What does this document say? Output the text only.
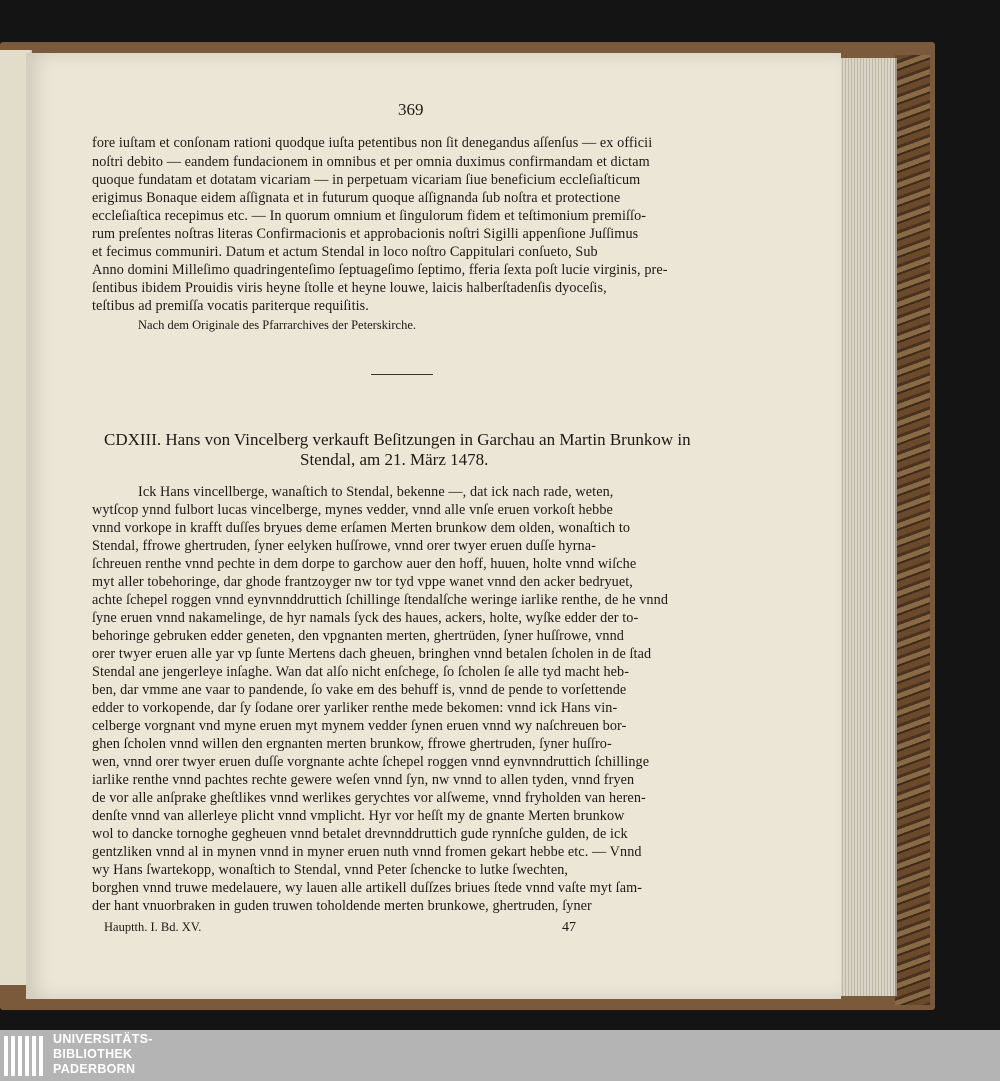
369
fore iuſtam et conſonam rationi quodque iuſta petentibus non ſit denegandus aſſenſus — ex officii
noſtri debito — eandem fundacionem in omnibus et per omnia duximus confirmandam et dictam
quoque fundatam et dotatam vicariam — in perpetuam vicariam ſiue beneficium eccleſiaſticum
erigimus Bonaque eidem aſſignata et in futurum quoque aſſignanda ſub noſtra et protectione
eccleſiaſtica recepimus etc. — In quorum omnium et ſingulorum fidem et teſtimonium premiſſo-
rum preſentes noſtras literas Confirmacionis et approbacionis noſtri Sigilli appenſione Juſſimus
et fecimus communiri. Datum et actum Stendal in loco noſtro Cappitulari conſueto, Sub
Anno domini Milleſimo quadringenteſimo ſeptuageſimo ſeptimo, fferia ſexta poſt lucie virginis, pre-
ſentibus ibidem Prouidis viris heyne ſtolle et heyne louwe, laicis halberſtadenſis dyoceſis,
teſtibus ad premiſſa vocatis pariterque requiſitis.
Nach dem Originale des Pfarrarchives der Peterskirche.
CDXIII. Hans von Vincelberg verkauft Beſitzungen in Garchau an Martin Brunkow in
Stendal, am 21. März 1478.
Ick Hans vincellberge, wanaſtich to Stendal, bekenne —, dat ick nach rade, weten,
wytſcop ynnd fulbort lucas vincelberge, mynes vedder, vnnd alle vnſe eruen vorkoſt hebbe
vnnd vorkope in krafft duſſes bryues deme erſamen Merten brunkow dem olden, wonaſtich to
Stendal, ffrowe ghertruden, ſyner eelyken huſſrowe, vnnd orer twyer eruen duſſe hyrna-
ſchreuen renthe vnnd pechte in dem dorpe to garchow auer den hoff, huuen, holte vnnd wiſche
myt aller tobehoringe, dar ghode frantzoyger nw tor tyd vppe wanet vnnd den acker bedryuet,
achte ſchepel roggen vnnd eynvnnddruttich ſchillinge ſtendalſche weringe iarlike renthe, de he vnnd
ſyne eruen vnnd nakamelinge, de hyr namals ſyck des haues, ackers, holte, wyſke edder der to-
behoringe gebruken edder geneten, den vpgnanten merten, ghertrüden, ſyner huſſrowe, vnnd
orer twyer eruen alle yar vp ſunte Mertens dach gheuen, bringhen vnnd betalen ſcholen in de ſtad
Stendal ane jengerleye inſaghe. Wan dat alſo nicht enſchege, ſo ſcholen ſe alle tyd macht heb-
ben, dar vmme ane vaar to pandende, ſo vake em des behuff is, vnnd de pende to vorſettende
edder to vorkopende, dar ſy ſodane orer yarliker renthe mede bekomen: vnnd ick Hans vin-
celberge vorgnant vnd myne eruen myt mynem vedder ſynen eruen vnnd wy naſchreuen bor-
ghen ſcholen vnnd willen den ergnanten merten brunkow, ffrowe ghertruden, ſyner huſſro-
wen, vnnd orer twyer eruen duſſe vorgnante achte ſchepel roggen vnnd eynvnndruttich ſchillinge
iarlike renthe vnnd pachtes rechte gewere weſen vnnd ſyn, nw vnnd to allen tyden, vnnd fryen
de vor alle anſprake gheſtlikes vnnd werlikes gerychtes vor alſweme, vnnd fryholden van heren-
denſte vnnd van allerleye plicht vnnd vmplicht. Hyr vor heſſt my de gnante Merten brunkow
wol to dancke tornoghe gegheuen vnnd betalet drevnnddruttich gude rynnſche gulden, de ick
gentzliken vnnd al in mynen vnnd in myner eruen nuth vnnd fromen gekart hebbe etc. — Vnnd
wy Hans ſwartekopp, wonaſtich to Stendal, vnnd Peter ſchencke to lutke ſwechten,
borghen vnnd truwe medelauere, wy lauen alle artikell duſſzes briues ſtede vnnd vaſte myt ſam-
der hant vnuorbraken in guden truwen toholdende merten brunkowe, ghertruden, ſyner
Hauptth. I. Bd. XV.	47
UNIVERSITÄTS-
BIBLIOTHEK
PADERBORN
